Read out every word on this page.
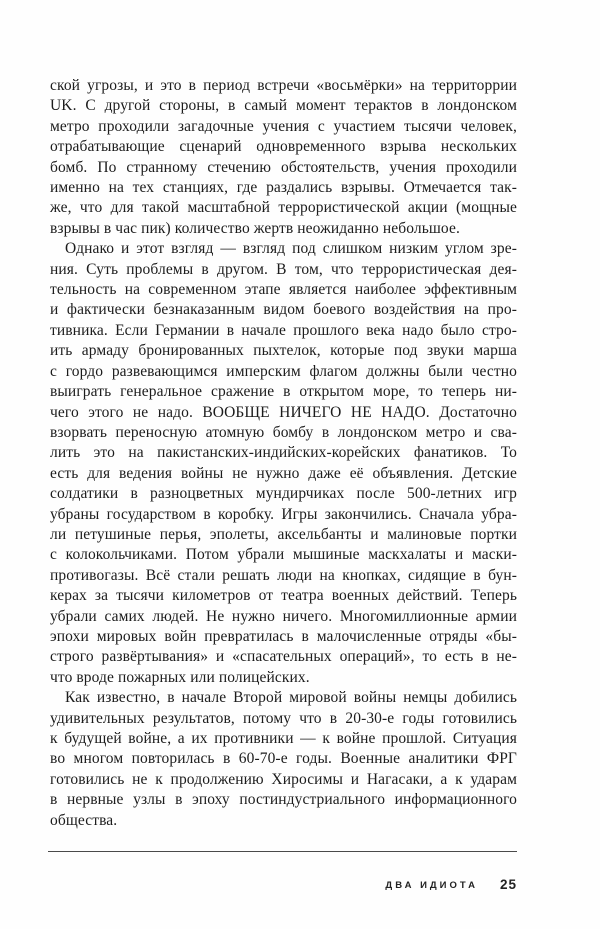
ской угрозы, и это в период встречи «восьмёрки» на территоррии
UK. С другой стороны, в самый момент терактов в лондонском
метро проходили загадочные учения с участием тысячи человек,
отрабатывающие сценарий одновременного взрыва нескольких
бомб. По странному стечению обстоятельств, учения проходили
именно на тех станциях, где раздались взрывы. Отмечается так-
же, что для такой масштабной террористической акции (мощные
взрывы в час пик) количество жертв неожиданно небольшое.
Однако и этот взгляд — взгляд под слишком низким углом зре-
ния. Суть проблемы в другом. В том, что террористическая дея-
тельность на современном этапе является наиболее эффективным
и фактически безнаказанным видом боевого воздействия на про-
тивника. Если Германии в начале прошлого века надо было стро-
ить армаду бронированных пыхтелок, которые под звуки марша
с гордо развевающимся имперским флагом должны были честно
выиграть генеральное сражение в открытом море, то теперь ни-
чего этого не надо. ВООБЩЕ НИЧЕГО НЕ НАДО. Достаточно
взорвать переносную атомную бомбу в лондонском метро и сва-
лить это на пакистанских-индийских-корейских фанатиков. То
есть для ведения войны не нужно даже её объявления. Детские
солдатики в разноцветных мундирчиках после 500-летних игр
убраны государством в коробку. Игры закончились. Сначала убра-
ли петушиные перья, эполеты, аксельбанты и малиновые портки
с колокольчиками. Потом убрали мышиные маскхалаты и маски-
противогазы. Всё стали решать люди на кнопках, сидящие в бун-
керах за тысячи километров от театра военных действий. Теперь
убрали самих людей. Не нужно ничего. Многомиллионные армии
эпохи мировых войн превратилась в малочисленные отряды «бы-
строго развёртывания» и «спасательных операций», то есть в не-
что вроде пожарных или полицейских.
Как известно, в начале Второй мировой войны немцы добились
удивительных результатов, потому что в 20-30-е годы готовились
к будущей войне, а их противники — к войне прошлой. Ситуация
во многом повторилась в 60-70-е годы. Военные аналитики ФРГ
готовились не к продолжению Хиросимы и Нагасаки, а к ударам
в нервные узлы в эпоху постиндустриального информационного
общества.
ДВА ИДИОТА 25
